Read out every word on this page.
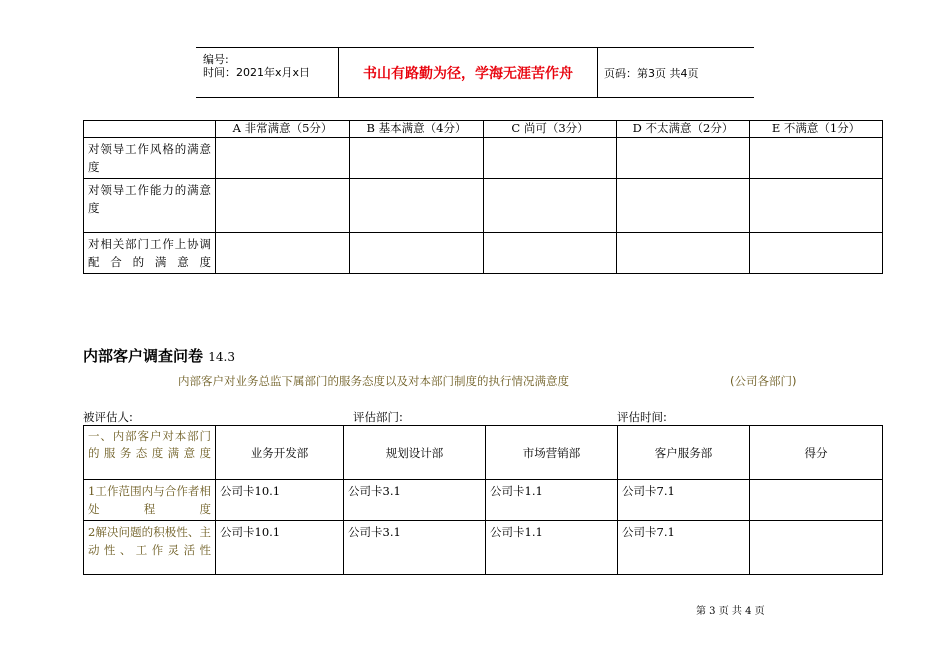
编号:
时间：2021年x月x日	书山有路勤为径，学海无涯苦作舟	页码：第3页 共4页
	A 非常满意（5分）	B 基本满意（4分）	C 尚可（3分）	D 不太满意（2分）	E 不满意（1分）
对领导工作风格的满意度					
对领导工作能力的满意度					
对相关部门工作上协调配合的满意度					
内部客户调查问卷 14.3
内部客户对业务总监下属部门的服务态度以及对本部门制度的执行情况满意度	(公司各部门)
被评估人:	评估部门:	评估时间:
一、内部客户对本部门的服务态度满意度	业务开发部	规划设计部	市场营销部	客户服务部	得分
1工作范围内与合作者相处程度	公司卡10.1	公司卡3.1	公司卡1.1	公司卡7.1	
2解决问题的积极性、主动性、工作灵活性	公司卡10.1	公司卡3.1	公司卡1.1	公司卡7.1	
第 3 页 共 4 页
